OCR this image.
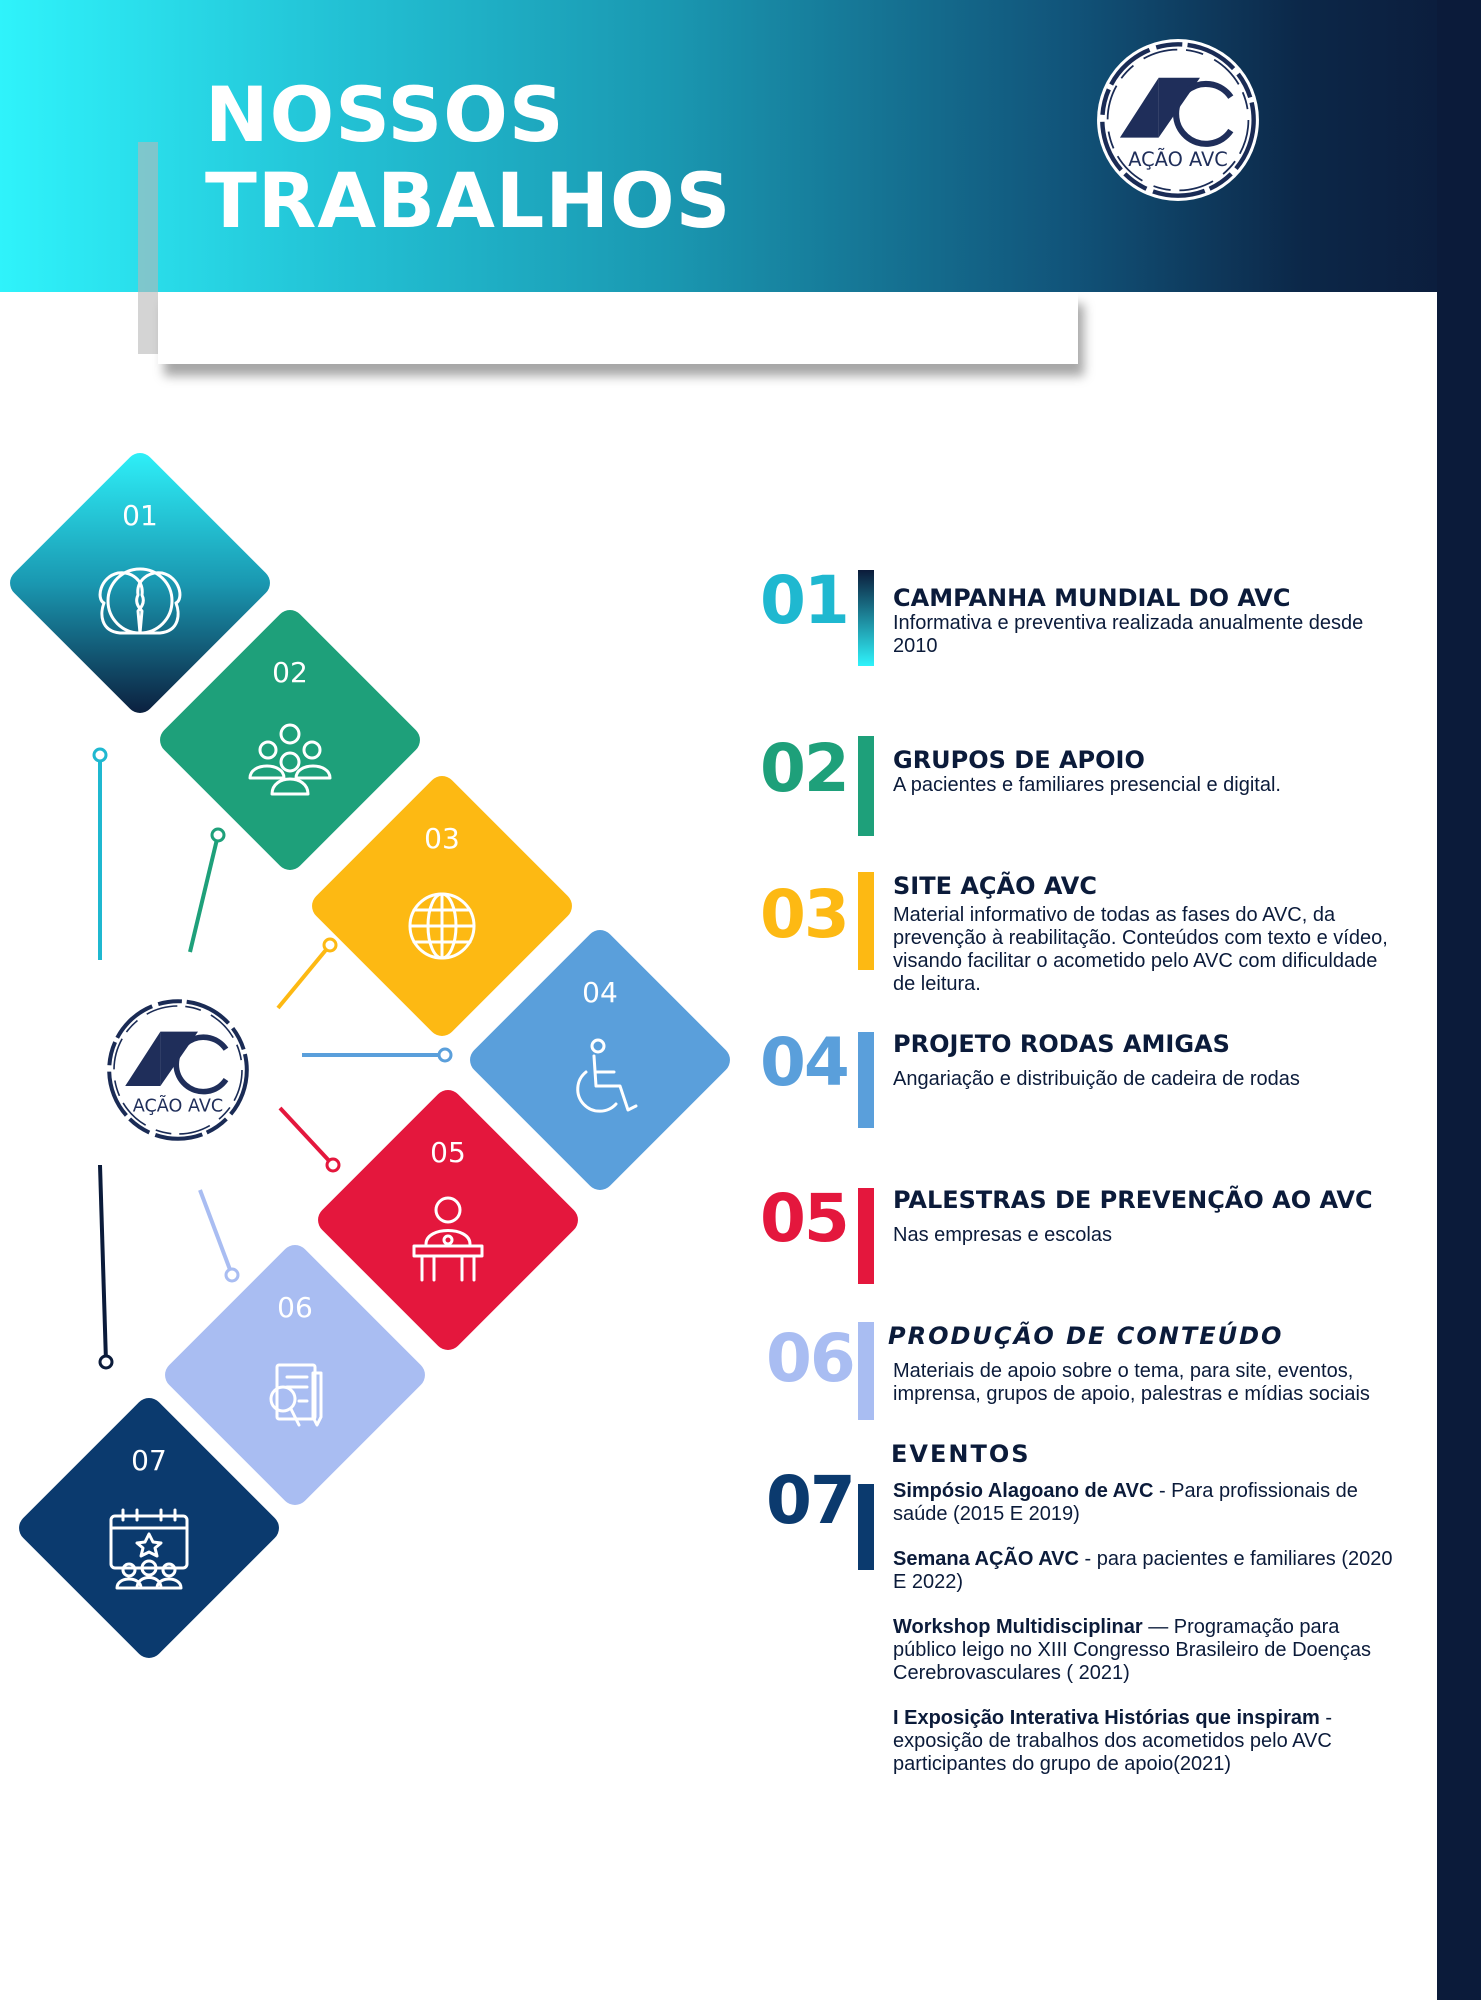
NOSSOS
TRABALHOS	AÇÃO AVC
01
02
03
04
05
06
07
AÇÃO AVC
01 CAMPANHA MUNDIAL DO AVC

Informativa e preventiva realizada anualmente desde 2010

02 GRUPOS DE APOIO

A pacientes e familiares presencial e digital.

03 SITE AÇÃO AVC

Material informativo de todas as fases do AVC, da prevenção à reabilitação. Conteúdos com texto e vídeo, visando facilitar o acometido pelo AVC com dificuldade de leitura.

04 PROJETO RODAS AMIGAS

Angariação e distribuição de cadeira de rodas

05 PALESTRAS DE PREVENÇÃO AO AVC

Nas empresas e escolas

06 PRODUÇÃO DE CONTEÚDO

Materiais de apoio sobre o tema, para site, eventos, imprensa, grupos de apoio, palestras e mídias sociais

EVENTOS

07 Simpósio Alagoano de AVC - Para profissionais de saúde (2015 E 2019)

Semana AÇÃO AVC - para pacientes e familiares (2020 E 2022)

Workshop Multidisciplinar — Programação para público leigo no XIII Congresso Brasileiro de Doenças Cerebrovasculares ( 2021)

I Exposição Interativa Histórias que inspiram - exposição de trabalhos dos acometidos pelo AVC participantes do grupo de apoio(2021)
